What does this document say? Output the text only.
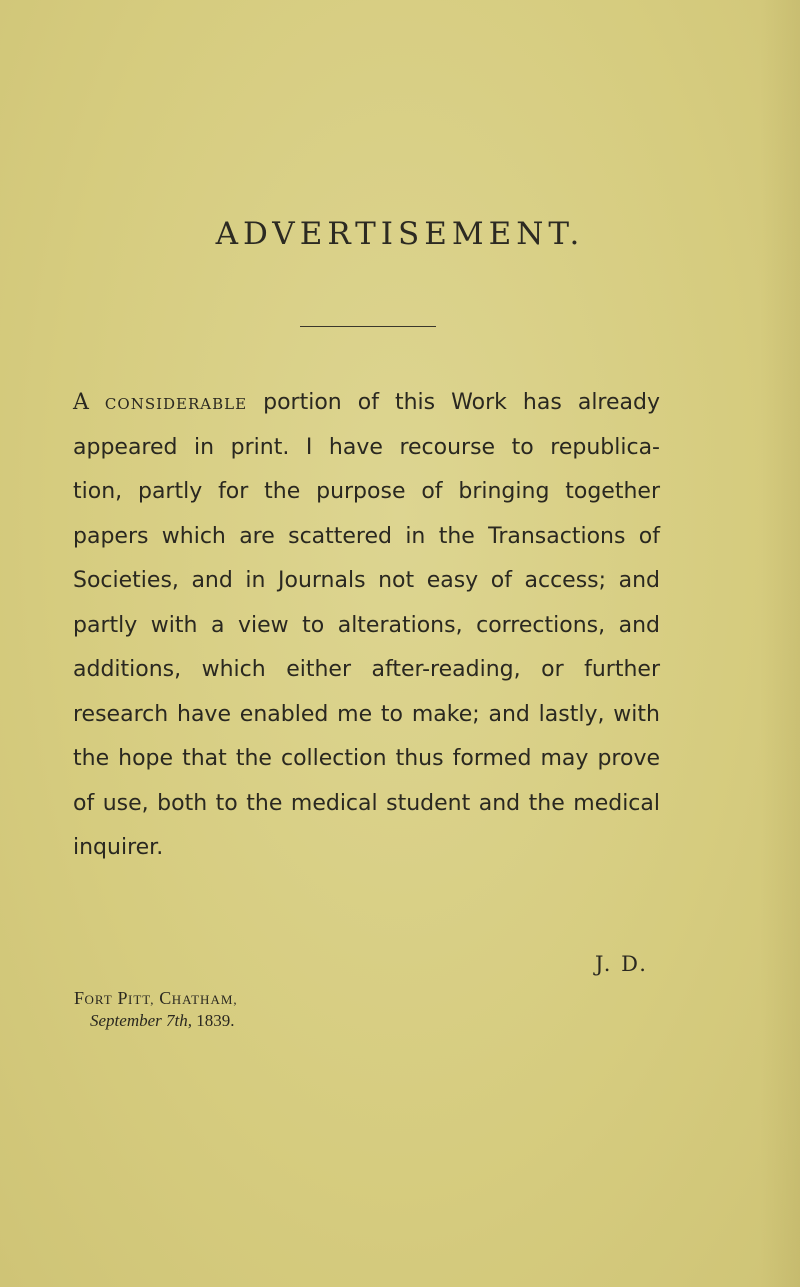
ADVERTISEMENT.
A CONSIDERABLE portion of this Work has already
appeared in print. I have recourse to republica-
tion, partly for the purpose of bringing together
papers which are scattered in the Transactions of
Societies, and in Journals not easy of access; and
partly with a view to alterations, corrections, and
additions, which either after-reading, or further
research have enabled me to make; and lastly, with
the hope that the collection thus formed may prove
of use, both to the medical student and the medical
inquirer.

J. D.

FORT PITT, CHATHAM,

September 7th, 1839.
